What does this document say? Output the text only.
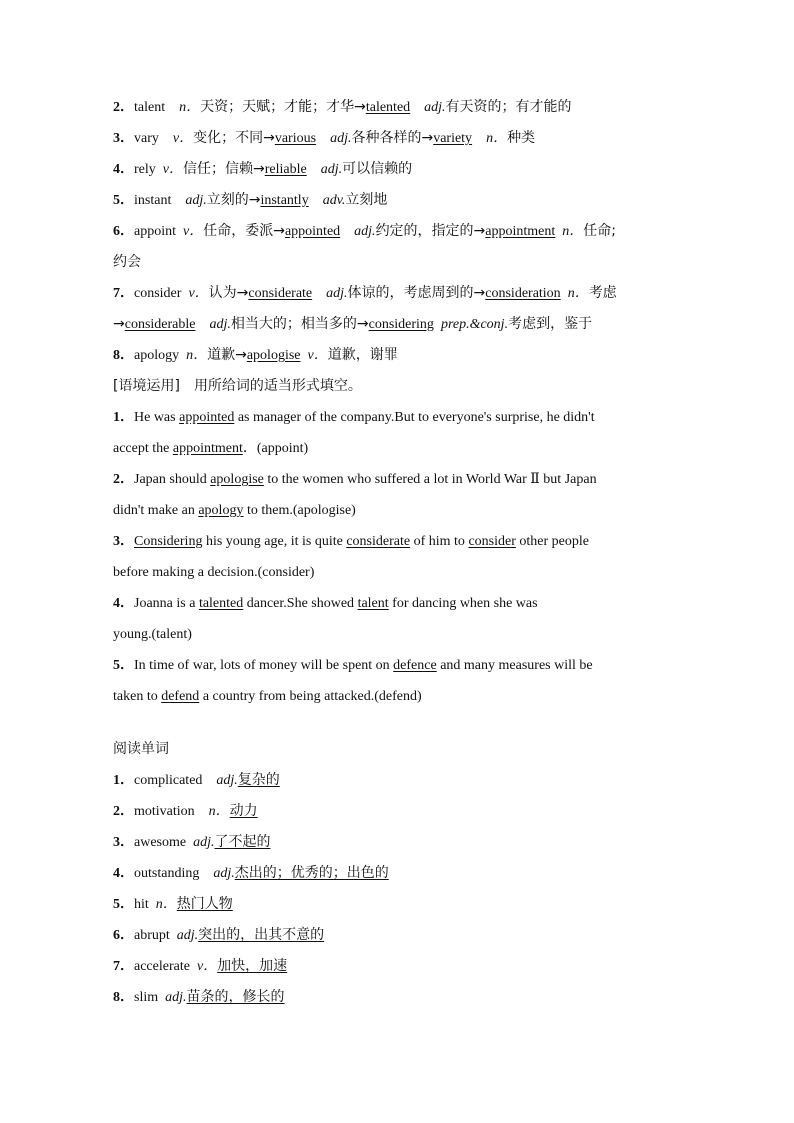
2．talent n．天资；天赋；才能；才华→talented adj.有天资的；有才能的
3．vary v．变化；不同→various adj.各种各样的→variety n．种类
4．rely v．信任；信赖→reliable adj.可以信赖的
5．instant adj.立刻的→instantly adv.立刻地
6．appoint v．任命，委派→appointed adj.约定的，指定的→appointment n．任命;
约会
7．consider v．认为→considerate adj.体谅的，考虑周到的→consideration n．考虑
→considerable adj.相当大的；相当多的→considering prep.&conj.考虑到，鉴于
8．apology n．道歉→apologise v．道歉，谢罪
[语境运用] 用所给词的适当形式填空。
1．He was appointed as manager of the company.But to everyone's surprise, he didn't
accept the appointment．(appoint)
2．Japan should apologise to the women who suffered a lot in World War Ⅱ but Japan
didn't make an apology to them.(apologise)
3．Considering his young age, it is quite considerate of him to consider other people
before making a decision.(consider)
4．Joanna is a talented dancer.She showed talent for dancing when she was
young.(talent)
5．In time of war, lots of money will be spent on defence and many measures will be
taken to defend a country from being attacked.(defend)
阅读单词
1．complicated adj.复杂的
2．motivation n．动力
3．awesome adj.了不起的
4．outstanding adj.杰出的；优秀的；出色的
5．hit n．热门人物
6．abrupt adj.突出的，出其不意的
7．accelerate v．加快，加速
8．slim adj.苗条的，修长的
